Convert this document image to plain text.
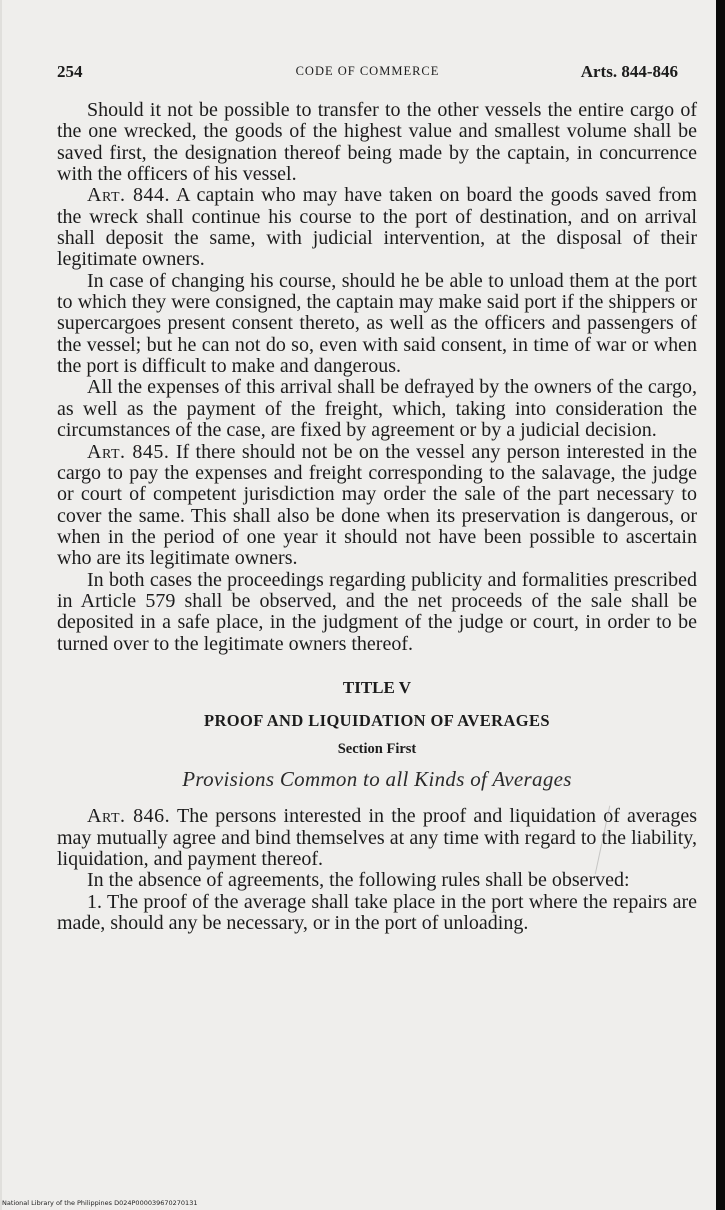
254	CODE OF COMMERCE	Arts. 844-846

Should it not be possible to transfer to the other vessels the entire cargo of the one wrecked, the goods of the highest value and smallest volume shall be saved first, the designation thereof being made by the captain, in concurrence with the officers of his vessel.

Art. 844. A captain who may have taken on board the goods saved from the wreck shall continue his course to the port of destination, and on arrival shall deposit the same, with judicial intervention, at the disposal of their legitimate owners.

In case of changing his course, should he be able to unload them at the port to which they were consigned, the captain may make said port if the shippers or supercargoes present consent thereto, as well as the officers and passengers of the vessel; but he can not do so, even with said consent, in time of war or when the port is difficult to make and dangerous.

All the expenses of this arrival shall be defrayed by the owners of the cargo, as well as the payment of the freight, which, taking into consideration the circumstances of the case, are fixed by agreement or by a judicial decision.

Art. 845. If there should not be on the vessel any person interested in the cargo to pay the expenses and freight corresponding to the salavage, the judge or court of competent jurisdiction may order the sale of the part necessary to cover the same. This shall also be done when its preservation is dangerous, or when in the period of one year it should not have been possible to ascertain who are its legitimate owners.

In both cases the proceedings regarding publicity and formalities prescribed in Article 579 shall be observed, and the net proceeds of the sale shall be deposited in a safe place, in the judgment of the judge or court, in order to be turned over to the legitimate owners thereof.

TITLE V
PROOF AND LIQUIDATION OF AVERAGES
Section First
Provisions Common to all Kinds of Averages

Art. 846. The persons interested in the proof and liquidation of averages may mutually agree and bind themselves at any time with regard to the liability, liquidation, and payment thereof.

In the absence of agreements, the following rules shall be observed:

1. The proof of the average shall take place in the port where the repairs are made, should any be necessary, or in the port of unloading.

National Library of the Philippines D024P000039670270131
